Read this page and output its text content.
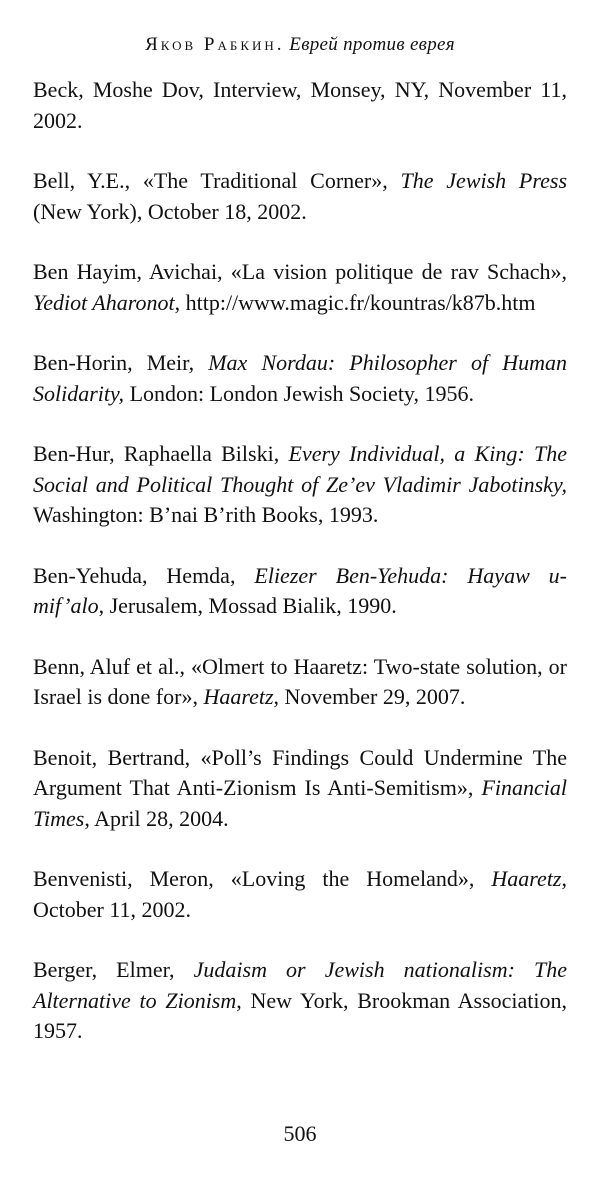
Яков Рабкин. Еврей против еврея

Beck, Moshe Dov, Interview, Monsey, NY, November 11, 2002.

Bell, Y.E., «The Traditional Corner», The Jewish Press (New York), October 18, 2002.

Ben Hayim, Avichai, «La vision politique de rav Schach», Yediot Aharonot, http://www.magic.fr/kountras/k87b.htm

Ben-Horin, Meir, Max Nordau: Philosopher of Human Solidarity, London: London Jewish Society, 1956.

Ben-Hur, Raphaella Bilski, Every Individual, a King: The Social and Political Thought of Ze’ev Vladimir Jabotinsky, Washington: B’nai B’rith Books, 1993.

Ben-Yehuda, Hemda, Eliezer Ben-Yehuda: Hayaw u-mif’alo, Jerusalem, Mossad Bialik, 1990.

Benn, Aluf et al., «Olmert to Haaretz: Two-state solution, or Israel is done for», Haaretz, November 29, 2007.

Benoit, Bertrand, «Poll’s Findings Could Undermine The Argument That Anti-Zionism Is Anti-Semitism», Financial Times, April 28, 2004.

Benvenisti, Meron, «Loving the Homeland», Haaretz, October 11, 2002.

Berger, Elmer, Judaism or Jewish nationalism: The Alternative to Zionism, New York, Brookman Association, 1957.

506
